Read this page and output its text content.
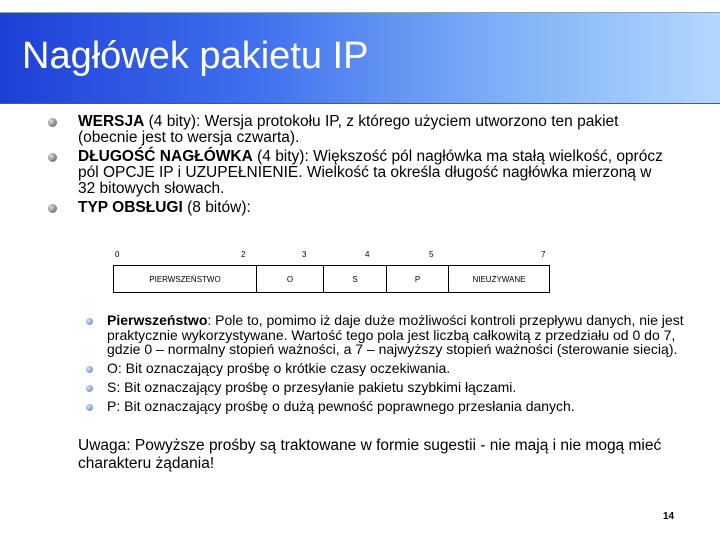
Nagłówek pakietu IP
WERSJA (4 bity): Wersja protokołu IP, z którego użyciem utworzono ten pakiet (obecnie jest to wersja czwarta).
DŁUGOŚĆ NAGŁÓWKA (4 bity): Większość pól nagłówka ma stałą wielkość, oprócz pól OPCJE IP i UZUPEŁNIENIE. Wielkość ta określa długość nagłówka mierzoną w 32 bitowych słowach.
TYP OBSŁUGI (8 bitów):
0	2	3	4	5	7
PIERWSZEŃSTWO	O	S	P	NIEUŻYWANE
Pierwszeństwo: Pole to, pomimo iż daje duże możliwości kontroli przepływu danych, nie jest praktycznie wykorzystywane. Wartość tego pola jest liczbą całkowitą z przedziału od 0 do 7, gdzie 0 – normalny stopień ważności, a 7 – najwyższy stopień ważności (sterowanie siecią).
O: Bit oznaczający prośbę o krótkie czasy oczekiwania.
S: Bit oznaczający prośbę o przesyłanie pakietu szybkimi łączami.
P: Bit oznaczający prośbę o dużą pewność poprawnego przesłania danych.
Uwaga: Powyższe prośby są traktowane w formie sugestii - nie mają i nie mogą mieć charakteru żądania!
14
